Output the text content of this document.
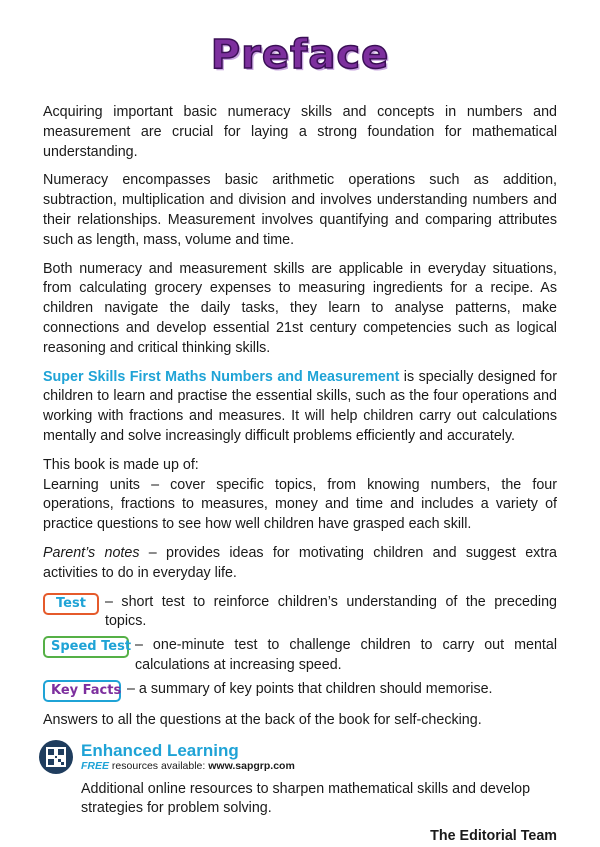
Preface

Acquiring important basic numeracy skills and concepts in numbers and measurement are crucial for laying a strong foundation for mathematical understanding.

Numeracy encompasses basic arithmetic operations such as addition, subtraction, multiplication and division and involves understanding numbers and their relationships. Measurement involves quantifying and comparing attributes such as length, mass, volume and time.

Both numeracy and measurement skills are applicable in everyday situations, from calculating grocery expenses to measuring ingredients for a recipe. As children navigate the daily tasks, they learn to analyse patterns, make connections and develop essential 21st century competencies such as logical reasoning and critical thinking skills.

Super Skills First Maths Numbers and Measurement is specially designed for children to learn and practise the essential skills, such as the four operations and working with fractions and measures. It will help children carry out calculations mentally and solve increasingly difficult problems efficiently and accurately.

This book is made up of:
Learning units – cover specific topics, from knowing numbers, the four operations, fractions to measures, money and time and includes a variety of practice questions to see how well children have grasped each skill.

Parent’s notes – provides ideas for motivating children and suggest extra activities to do in everyday life.

Test	– short test to reinforce children’s understanding of the preceding topics.
Speed Test – one-minute test to challenge children to carry out mental calculations at increasing speed.
Key Facts – a summary of key points that children should memorise.

Answers to all the questions at the back of the book for self-checking.

Enhanced Learning
FREE resources available: www.sapgrp.com

Additional online resources to sharpen mathematical skills and develop strategies for problem solving.

The Editorial Team
